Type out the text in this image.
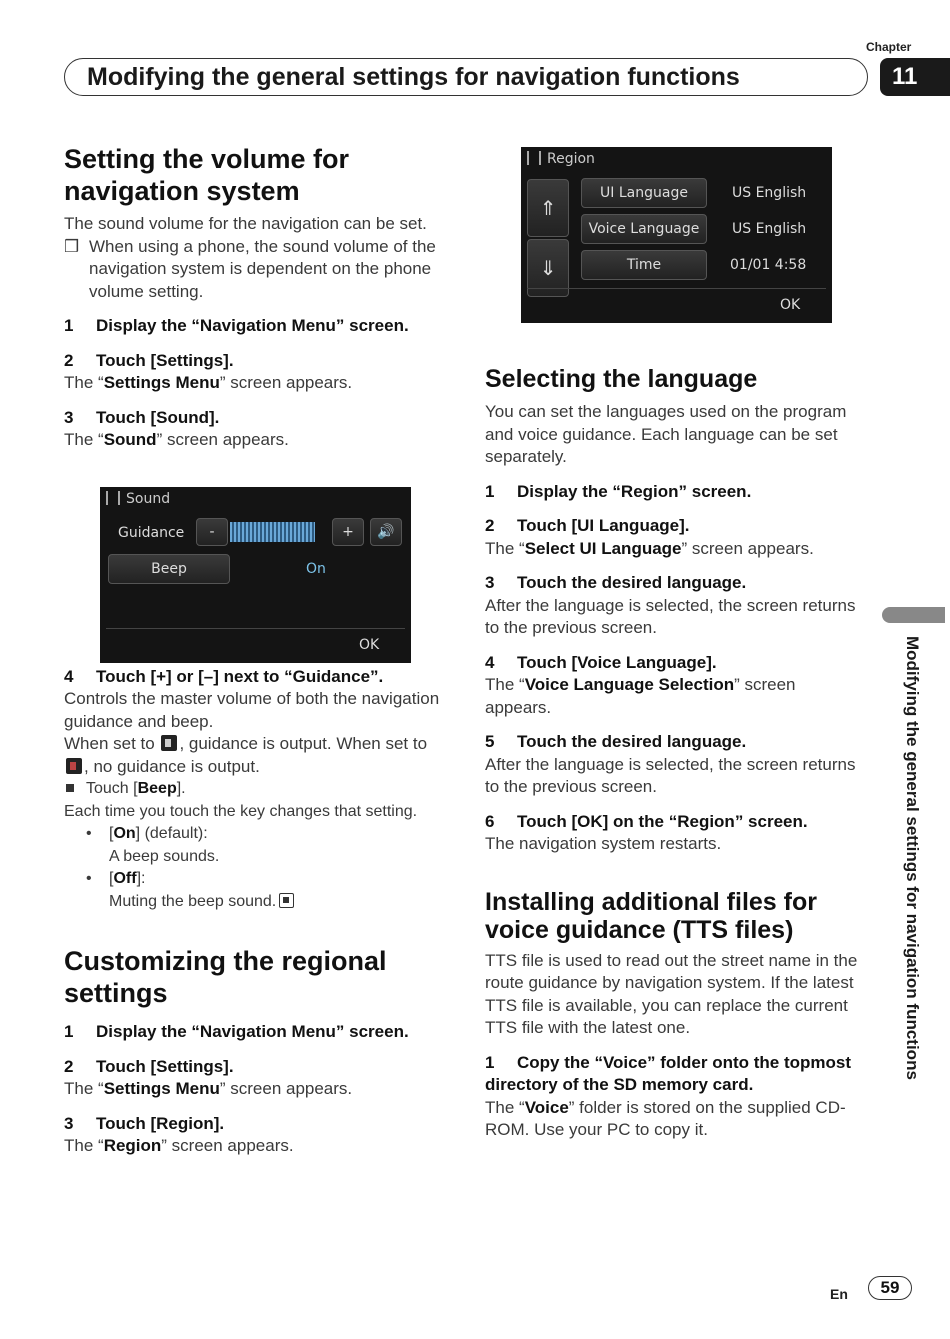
Chapter
Modifying the general settings for navigation functions	11
Setting the volume for navigation system

The sound volume for the navigation can be set.

❒ When using a phone, the sound volume of the navigation system is dependent on the phone volume setting.

1 Display the “Navigation Menu” screen.

2 Touch [Settings].

The “Settings Menu” screen appears.

3 Touch [Sound].

The “Sound” screen appears.

4 Touch [+] or [–] next to “Guidance”.

Controls the master volume of both the navigation guidance and beep.

When set to , guidance is output. When set to , no guidance is output.

Touch [Beep].

Each time you touch the key changes that setting.

• [On] (default):
A beep sounds.

• [Off]:
Muting the beep sound.

Customizing the regional settings

1 Display the “Navigation Menu” screen.

2 Touch [Settings].

The “Settings Menu” screen appears.

3 Touch [Region].

The “Region” screen appears.

Sound
Guidance	-	+	🔊
Beep	On
OK
Region
⇑
⇓
UI Language	US English
Voice Language	US English
Time	01/01 4:58
OK
Selecting the language

You can set the languages used on the program and voice guidance. Each language can be set separately.

1 Display the “Region” screen.

2 Touch [UI Language].

The “Select UI Language” screen appears.

3 Touch the desired language.

After the language is selected, the screen returns to the previous screen.

4 Touch [Voice Language].

The “Voice Language Selection” screen appears.

5 Touch the desired language.

After the language is selected, the screen returns to the previous screen.

6 Touch [OK] on the “Region” screen.

The navigation system restarts.

Installing additional files for voice guidance (TTS files)

TTS file is used to read out the street name in the route guidance by navigation system. If the latest TTS file is available, you can replace the current TTS file with the latest one.

1 Copy the “Voice” folder onto the topmost directory of the SD memory card.

The “Voice” folder is stored on the supplied CD-ROM. Use your PC to copy it.

Modifying the general settings for navigation functions
En	59
